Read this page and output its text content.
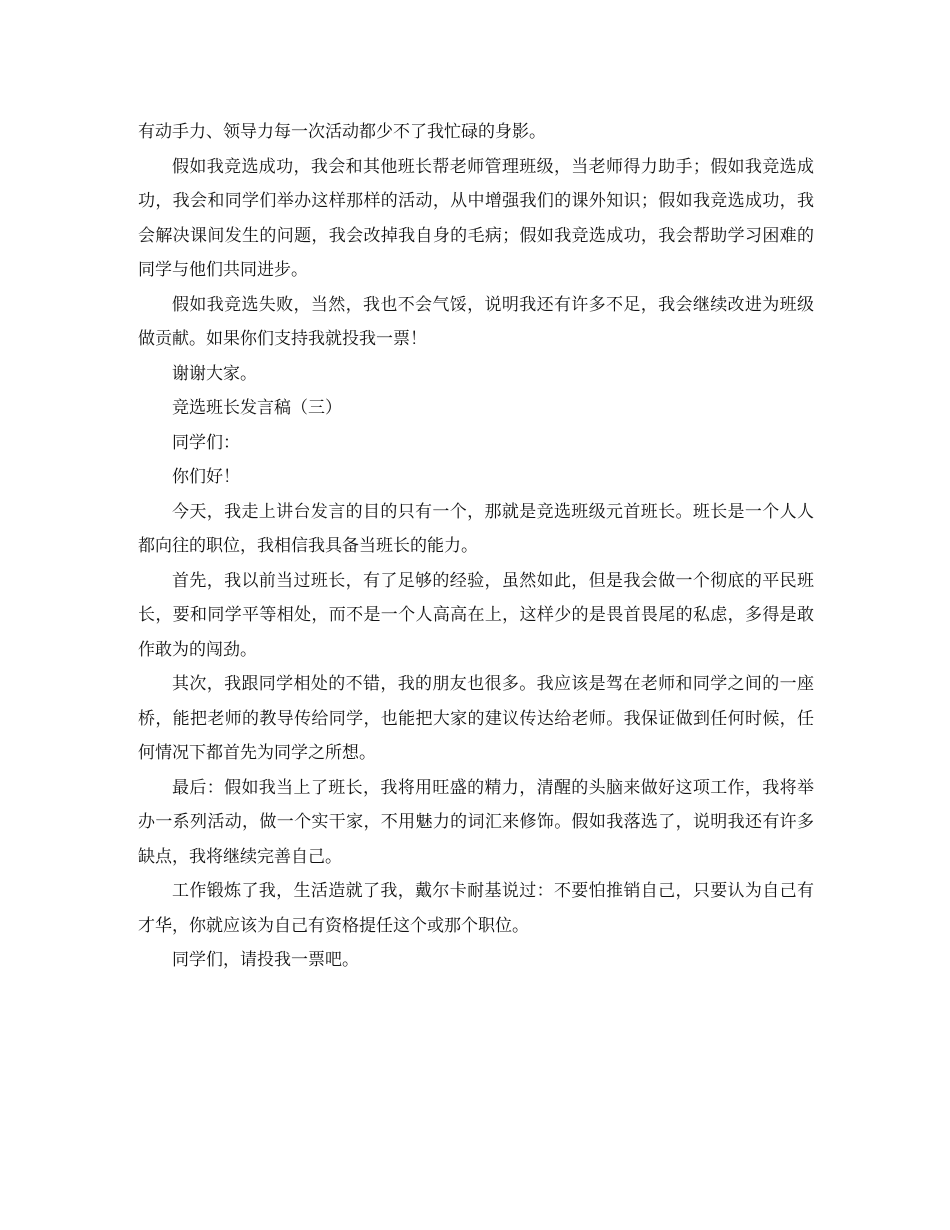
有动手力、领导力每一次活动都少不了我忙碌的身影。

假如我竞选成功，我会和其他班长帮老师管理班级，当老师得力助手；假如我竞选成功，我会和同学们举办这样那样的活动，从中增强我们的课外知识；假如我竞选成功，我会解决课间发生的问题，我会改掉我自身的毛病；假如我竞选成功，我会帮助学习困难的同学与他们共同进步。

假如我竞选失败，当然，我也不会气馁，说明我还有许多不足，我会继续改进为班级做贡献。如果你们支持我就投我一票！

谢谢大家。

竞选班长发言稿（三）

同学们：

你们好！

今天，我走上讲台发言的目的只有一个，那就是竞选班级元首班长。班长是一个人人都向往的职位，我相信我具备当班长的能力。

首先，我以前当过班长，有了足够的经验，虽然如此，但是我会做一个彻底的平民班长，要和同学平等相处，而不是一个人高高在上，这样少的是畏首畏尾的私虑，多得是敢作敢为的闯劲。

其次，我跟同学相处的不错，我的朋友也很多。我应该是驾在老师和同学之间的一座桥，能把老师的教导传给同学，也能把大家的建议传达给老师。我保证做到任何时候，任何情况下都首先为同学之所想。

最后：假如我当上了班长，我将用旺盛的精力，清醒的头脑来做好这项工作，我将举办一系列活动，做一个实干家，不用魅力的词汇来修饰。假如我落选了，说明我还有许多缺点，我将继续完善自己。

工作锻炼了我，生活造就了我，戴尔卡耐基说过：不要怕推销自己，只要认为自己有才华，你就应该为自己有资格提任这个或那个职位。

同学们，请投我一票吧。
